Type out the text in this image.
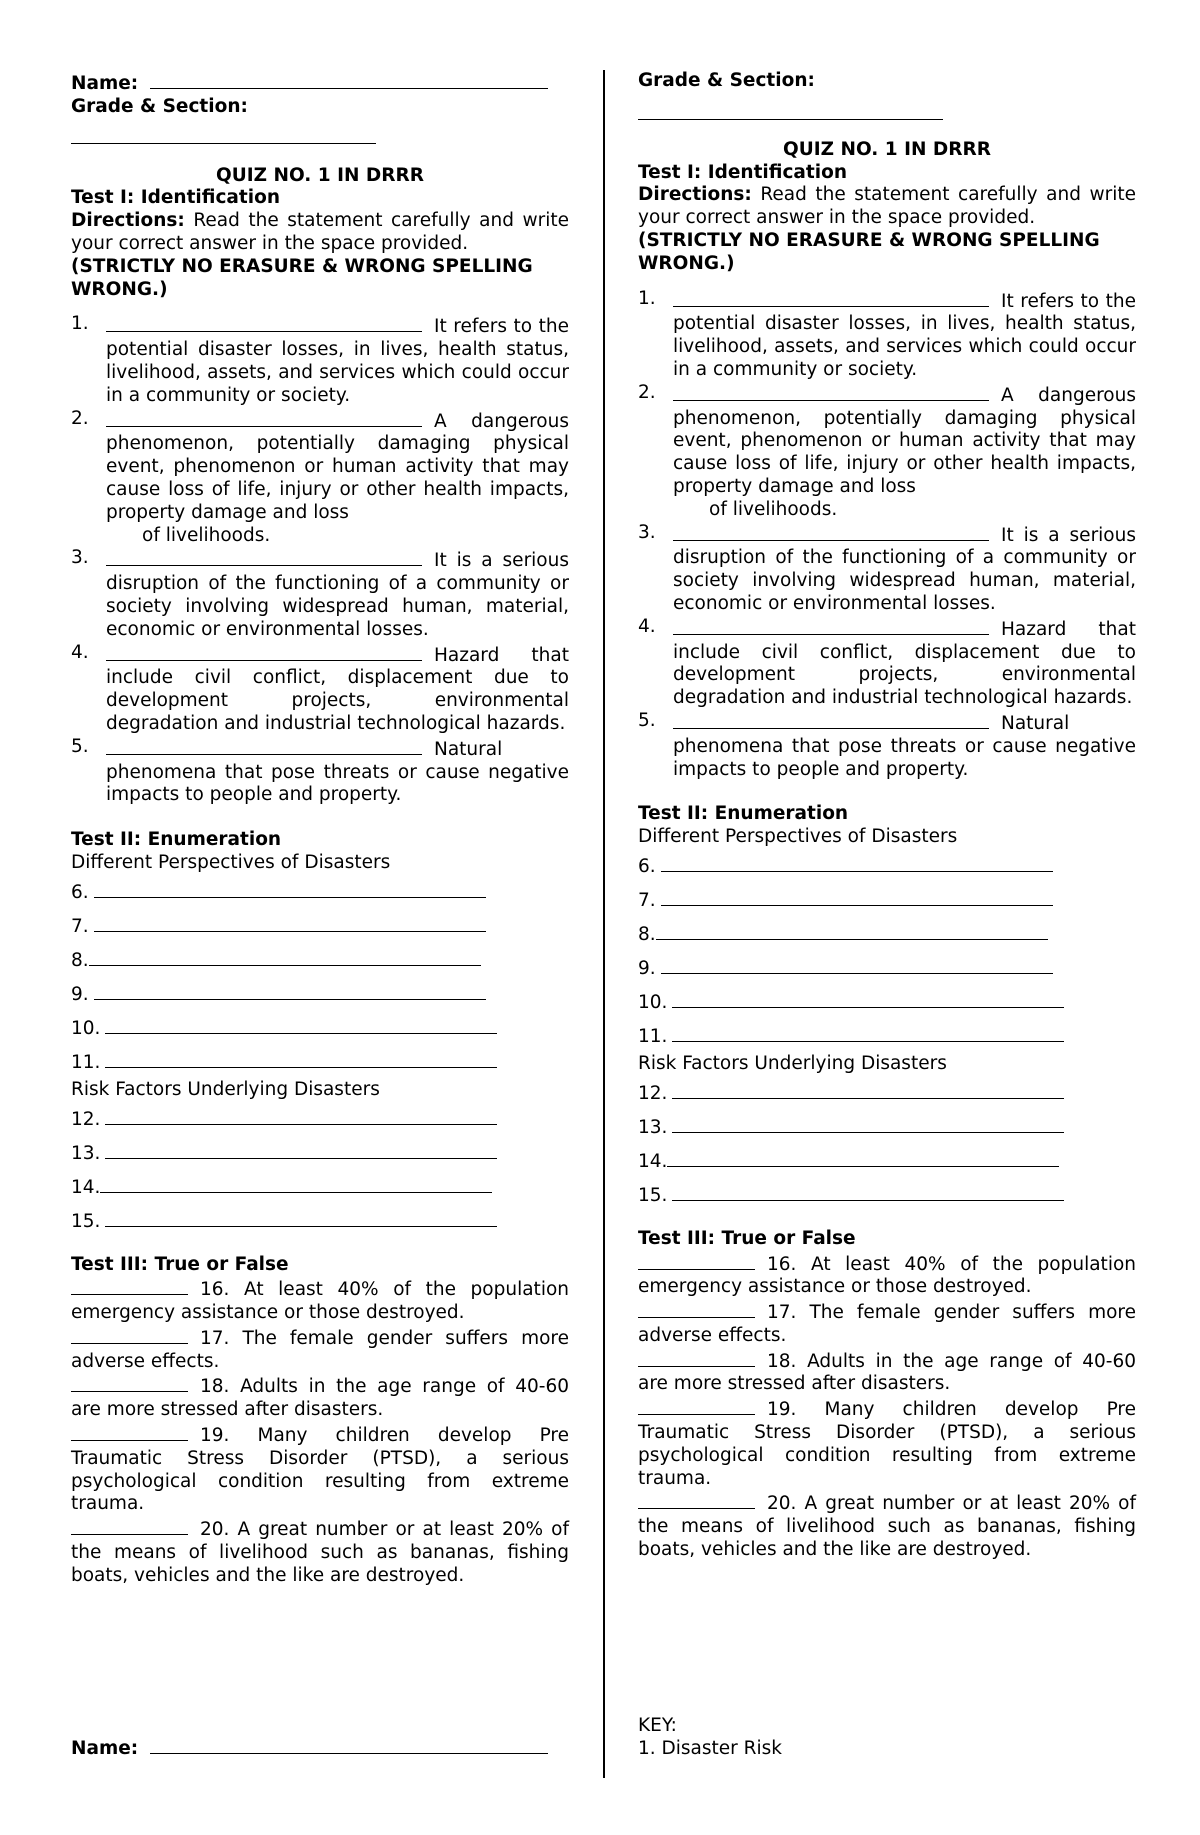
Name:
Grade & Section:
QUIZ NO. 1 IN DRRR
Test I: Identification
Directions: Read the statement carefully and write your correct answer in the space provided.
(STRICTLY NO ERASURE & WRONG SPELLING WRONG.)
1.	It refers to the potential disaster losses, in lives, health status, livelihood, assets, and services which could occur in a community or society.
2.	A dangerous phenomenon, potentially damaging physical event, phenomenon or human activity that may cause loss of life, injury or other health impacts, property damage and loss
of livelihoods.
3.	It is a serious disruption of the functioning of a community or society involving widespread human, material, economic or environmental losses.
4.	Hazard that include civil conflict, displacement due to development projects, environmental degradation and industrial technological hazards.
5.	Natural phenomena that pose threats or cause negative impacts to people and property.
Test II: Enumeration
Different Perspectives of Disasters
6.
7.
8.
9.
10.
11.
Risk Factors Underlying Disasters
12.
13.
14.
15.
Test III: True or False
16. At least 40% of the population emergency assistance or those destroyed.
17. The female gender suffers more adverse effects.
18. Adults in the age range of 40-60 are more stressed after disasters.
19. Many children develop Pre Traumatic Stress Disorder (PTSD), a serious psychological condition resulting from extreme trauma.
20. A great number or at least 20% of the means of livelihood such as bananas, fishing boats, vehicles and the like are destroyed.
Name:
Grade & Section:
QUIZ NO. 1 IN DRRR
Test I: Identification
Directions: Read the statement carefully and write your correct answer in the space provided.
(STRICTLY NO ERASURE & WRONG SPELLING WRONG.)
1.	It refers to the potential disaster losses, in lives, health status, livelihood, assets, and services which could occur in a community or society.
2.	A dangerous phenomenon, potentially damaging physical event, phenomenon or human activity that may cause loss of life, injury or other health impacts, property damage and loss
of livelihoods.
3.	It is a serious disruption of the functioning of a community or society involving widespread human, material, economic or environmental losses.
4.	Hazard that include civil conflict, displacement due to development projects, environmental degradation and industrial technological hazards.
5.	Natural phenomena that pose threats or cause negative impacts to people and property.
Test II: Enumeration
Different Perspectives of Disasters
6.
7.
8.
9.
10.
11.
Risk Factors Underlying Disasters
12.
13.
14.
15.
Test III: True or False
16. At least 40% of the population emergency assistance or those destroyed.
17. The female gender suffers more adverse effects.
18. Adults in the age range of 40-60 are more stressed after disasters.
19. Many children develop Pre Traumatic Stress Disorder (PTSD), a serious psychological condition resulting from extreme trauma.
20. A great number or at least 20% of the means of livelihood such as bananas, fishing boats, vehicles and the like are destroyed.
KEY:
1. Disaster Risk
